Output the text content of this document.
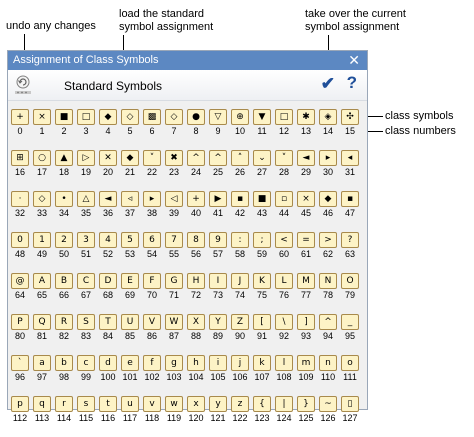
undo any changes
load the standard
symbol assignment
take over the current
symbol assignment
class symbols
class numbers
Assignment of Class Symbols	✕
Standard Symbols	✔ ?
+
0
×
1
■
2
□
3
◆
4
◇
5
▩
6
◇
7
●
8
▽
9
⊕
10
▼
11
□
12
✱
13
◈
14
✣
15
⊞
16
○
17
▲
18
▷
19
✕
20
◆
21
˅
22
✖
23
^
24
^
25
˄
26
⌄
27
˅
28
◄
29
▸
30
◂
31
·
32
◇
33
•
34
△
35
◄
36
◃
37
▸
38
◁
39
+
40
▶
41
▪
42
■
43
▫
44
×
45
◆
46
▪
47
0
48
1
49
2
50
3
51
4
52
5
53
6
54
7
55
8
56
9
57
:
58
;
59
<
60
=
61
>
62
?
63
@
64
A
65
B
66
C
67
D
68
E
69
F
70
G
71
H
72
I
73
J
74
K
75
L
76
M
77
N
78
O
79
P
80
Q
81
R
82
S
83
T
84
U
85
V
86
W
87
X
88
Y
89
Z
90
[
91
\
92
]
93
^
94
_
95
`
96
a
97
b
98
c
99
d
100
e
101
f
102
g
103
h
104
i
105
j
106
k
107
l
108
m
109
n
110
o
111
p
112
q
113
r
114
s
115
t
116
u
117
v
118
w
119
x
120
y
121
z
122
{
123
|
124
}
125
~
126
▯
127
